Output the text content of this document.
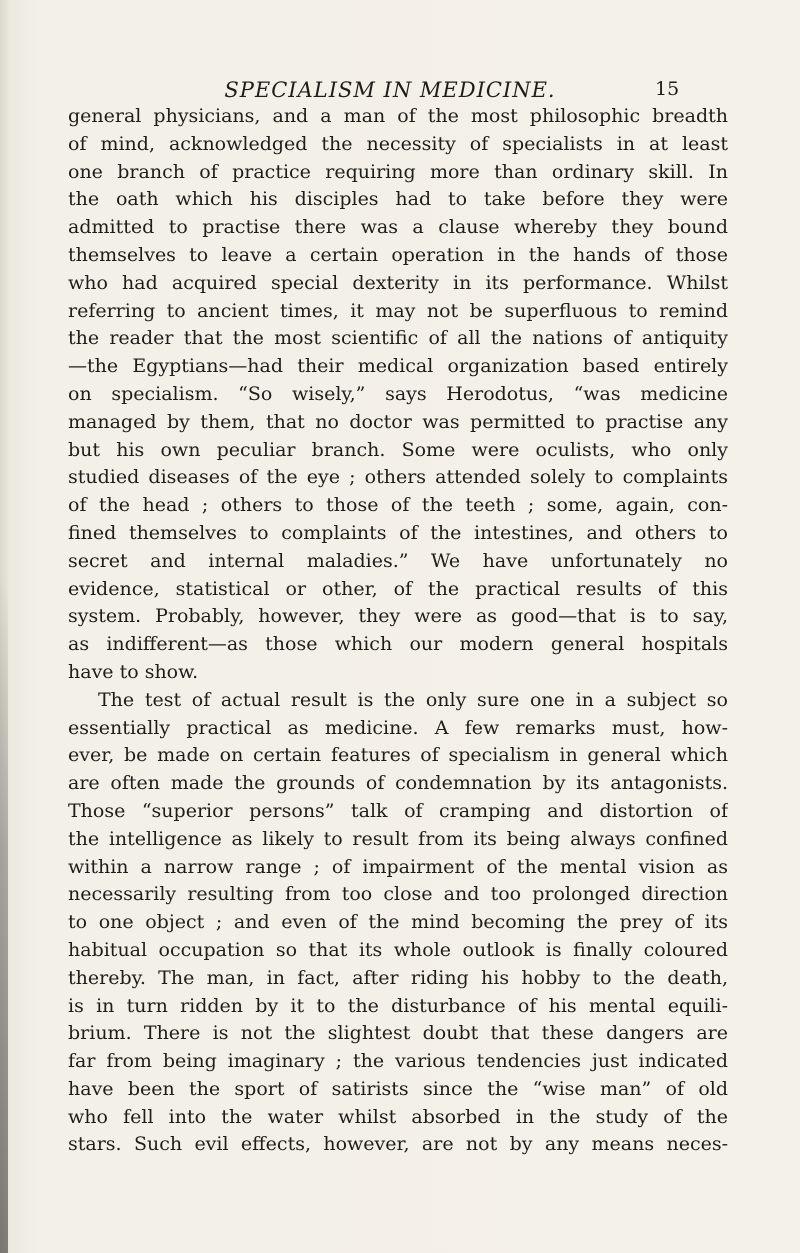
SPECIALISM IN MEDICINE.	15
general physicians, and a man of the most philosophic breadth
of mind, acknowledged the necessity of specialists in at least
one branch of practice requiring more than ordinary skill. In
the oath which his disciples had to take before they were
admitted to practise there was a clause whereby they bound
themselves to leave a certain operation in the hands of those
who had acquired special dexterity in its performance. Whilst
referring to ancient times, it may not be superfluous to remind
the reader that the most scientific of all the nations of antiquity
—the Egyptians—had their medical organization based entirely
on specialism. “So wisely,” says Herodotus, “was medicine
managed by them, that no doctor was permitted to practise any
but his own peculiar branch. Some were oculists, who only
studied diseases of the eye ; others attended solely to complaints
of the head ; others to those of the teeth ; some, again, con-
fined themselves to complaints of the intestines, and others to
secret and internal maladies.” We have unfortunately no
evidence, statistical or other, of the practical results of this
system. Probably, however, they were as good—that is to say,
as indifferent—as those which our modern general hospitals
have to show.
The test of actual result is the only sure one in a subject so
essentially practical as medicine. A few remarks must, how-
ever, be made on certain features of specialism in general which
are often made the grounds of condemnation by its antagonists.
Those “superior persons” talk of cramping and distortion of
the intelligence as likely to result from its being always confined
within a narrow range ; of impairment of the mental vision as
necessarily resulting from too close and too prolonged direction
to one object ; and even of the mind becoming the prey of its
habitual occupation so that its whole outlook is finally coloured
thereby. The man, in fact, after riding his hobby to the death,
is in turn ridden by it to the disturbance of his mental equili-
brium. There is not the slightest doubt that these dangers are
far from being imaginary ; the various tendencies just indicated
have been the sport of satirists since the “wise man” of old
who fell into the water whilst absorbed in the study of the
stars. Such evil effects, however, are not by any means neces-
